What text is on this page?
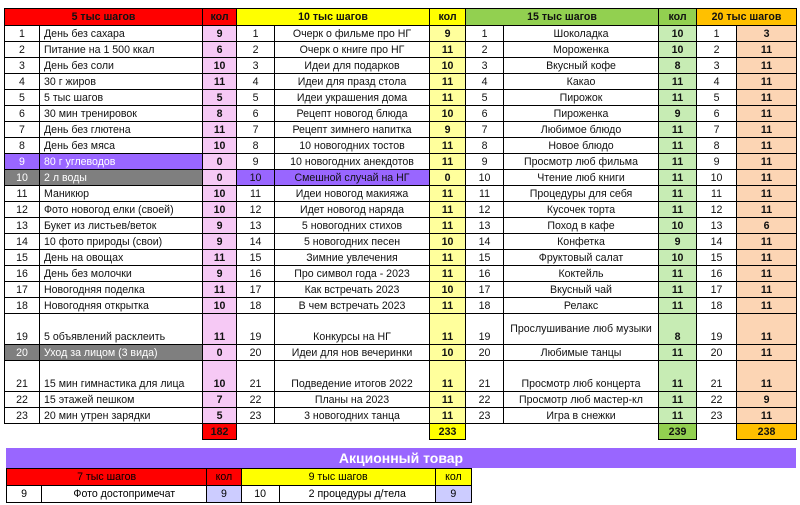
5 тыс шагов		кол	10 тыс шагов		кол	15 тыс шагов		кол	20 тыс шагов	
1	День без сахара	9	1	Очерк о фильме про НГ	9	1	Шоколадка	10	1	3
2	Питание на 1 500 ккал	6	2	Очерк о книге про НГ	11	2	Мороженка	10	2	11
3	День без соли	10	3	Идеи для подарков	10	3	Вкусный кофе	8	3	11
4	30 г жиров	11	4	Идеи для празд стола	11	4	Какао	11	4	11
5	5 тыс шагов	5	5	Идеи украшения дома	11	5	Пирожок	11	5	11
6	30 мин тренировок	8	6	Рецепт новогод блюда	10	6	Пироженка	9	6	11
7	День без глютена	11	7	Рецепт зимнего напитка	9	7	Любимое блюдо	11	7	11
8	День без мяса	10	8	10 новогодних тостов	11	8	Новое блюдо	11	8	11
9	80 г углеводов	0	9	10 новогодних анекдотов	11	9	Просмотр люб фильма	11	9	11
10	2 л воды	0	10	Смешной случай на НГ	0	10	Чтение люб книги	11	10	11
11	Маникюр	10	11	Идеи новогод макияжа	11	11	Процедуры для себя	11	11	11
12	Фото новогод елки (своей)	10	12	Идет новогод наряда	11	12	Кусочек торта	11	12	11
13	Букет из листьев/веток	9	13	5 новогодних стихов	11	13	Поход в кафе	10	13	6
14	10 фото природы (свои)	9	14	5 новогодних песен	10	14	Конфетка	9	14	11
15	День на овощах	11	15	Зимние увлечения	11	15	Фруктовый салат	10	15	11
16	День без молочки	9	16	Про символ года - 2023	11	16	Коктейль	11	16	11
17	Новогодняя поделка	11	17	Как встречать 2023	10	17	Вкусный чай	11	17	11
18	Новогодняя открытка	10	18	В чем встречать 2023	11	18	Релакс	11	18	11
19	5 объявлений расклеить	11	19	Конкурсы на НГ	11	19	Прослушивание люб музыки	8	19	11
20	Уход за лицом (3 вида)	0	20	Идеи для нов вечеринки	10	20	Любимые танцы	11	20	11
21	15 мин гимнастика для лица	10	21	Подведение итогов 2022	11	21	Просмотр люб концерта	11	21	11
22	15 этажей пешком	7	22	Планы на 2023	11	22	Просмотр люб мастер-кл	11	22	9
23	20 мин утрен зарядки	5	23	3 новогодних танца	11	23	Игра в снежки	11	23	11
		182			233			239		238
Акционный товар
7 тыс шагов		кол	9 тыс шагов		кол
9	Фото достопримечат	9	10	2 процедуры д/тела	9
